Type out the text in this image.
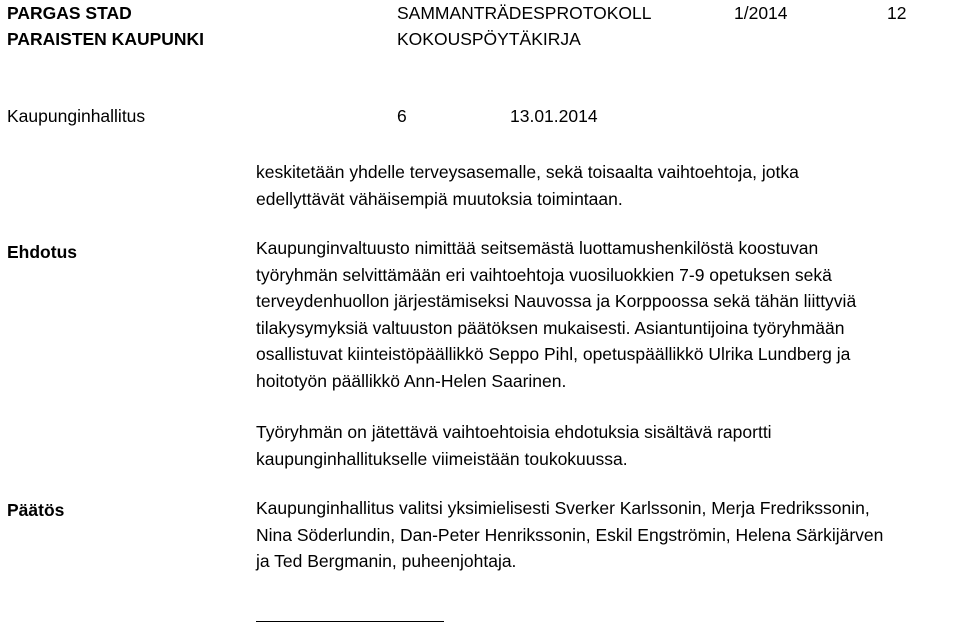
PARGAS STAD
PARAISTEN KAUPUNKI
SAMMANTRÄDESPROTOKOLL
KOKOUSPÖYTÄKIRJA
1/2014	12
Kaupunginhallitus	6	13.01.2014
keskitetään yhdelle terveysasemalle, sekä toisaalta vaihtoehtoja, jotka
edellyttävät vähäisempiä muutoksia toimintaan.
Ehdotus	Kaupunginvaltuusto nimittää seitsemästä luottamushenkilöstä koostuvan
työryhmän selvittämään eri vaihtoehtoja vuosiluokkien 7-9 opetuksen sekä
terveydenhuollon järjestämiseksi Nauvossa ja Korppoossa sekä tähän liittyviä
tilakysymyksiä valtuuston päätöksen mukaisesti. Asiantuntijoina työryhmään
osallistuvat kiinteistöpäällikkö Seppo Pihl, opetuspäällikkö Ulrika Lundberg ja
hoitotyön päällikkö Ann-Helen Saarinen.
Työryhmän on jätettävä vaihtoehtoisia ehdotuksia sisältävä raportti
kaupunginhallitukselle viimeistään toukokuussa.
Päätös	Kaupunginhallitus valitsi yksimielisesti Sverker Karlssonin, Merja Fredrikssonin,
Nina Söderlundin, Dan-Peter Henrikssonin, Eskil Engströmin, Helena Särkijärven
ja Ted Bergmanin, puheenjohtaja.
